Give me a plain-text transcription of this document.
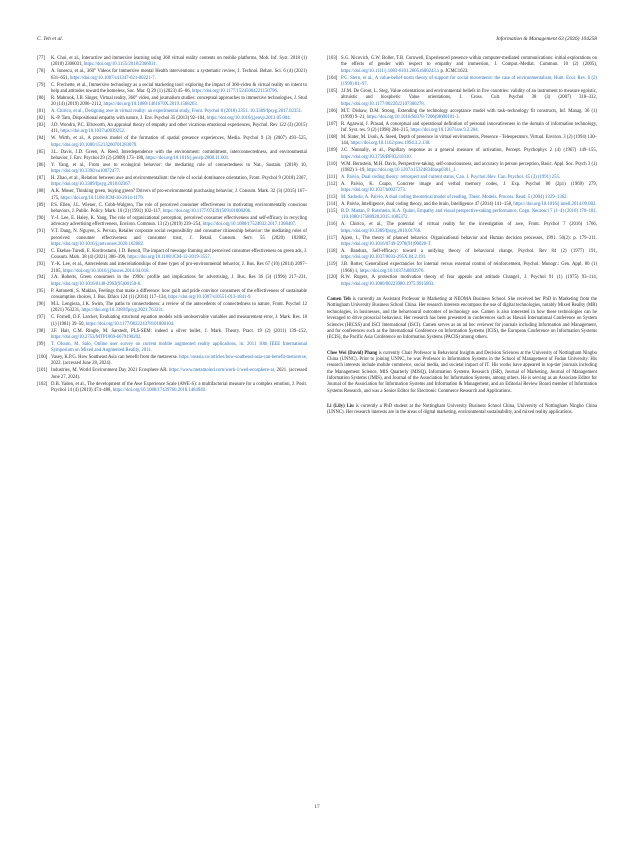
C. Teh et al.	Information & Management 63 (2026) 104258
[77]	K. Choi, et al., Interactive and immersive learning using 360 virtual reality contents on mobile platforms, Mob. Inf. Syst. 2018 (1) (2018) 2306031, https://doi.org/10.1155/2018/2306031.
[78]	A. Ionescu, et al., 360° Videos for immersive mental Health interventions: a systematic review, J. Technol. Behav. Sci. 6 (4) (2021) 631–651, https://doi.org/10.1007/s41347-021-00221-7.
[79]	C. Frechette, et al., Immersive technology as a social marketing tool: exploring the impact of 360-video & virtual reality on intent to help and attitudes toward the homeless, Soc. Mar. Q 29 (1) (2023) 45–66, https://doi.org/10.1177/15245004221150796.
[80]	R. Mabrook, J.B. Singer, Virtual reality, 360° video, and journalism studies: conceptual approaches to immersive technologies, J. Stud 20 (14) (2019) 2096–2112, https://doi.org/10.1080/1461670X.2019.1568203.
[81]	A. Chirico, et al., Designing awe in virtual reality: an experimental study, Front. Psychol 8 (2018) 2351. 10.3389/fpsyg.2017.02351.
[82]	K.-P. Tam, Dispositional empathy with nature, J. Env. Psychol 35 (2013) 92–104, https://doi.org/10.1016/j.jenvp.2013.05.004.
[83]	J.D. Wondra, P.C. Ellsworth, An appraisal theory of empathy and other vicarious emotional experiences, Psychol. Rev 122 (3) (2015) 411, https://doi.org/10.1037/a0039252.
[84]	W. Wirth, et al., A process model of the formation of spatial presence experiences, Media. Psychol 9 (3) (2007) 493–525, https://doi.org/10.1080/15213260701283079.
[85]	J.L. Davis, J.D. Green, A. Reed, Interdependence with the environment: commitment, interconnectedness, and environmental behavior, J. Env. Psychol 29 (2) (2009) 173–180, https://doi.org/10.1016/j.jenvp.2008.11.001.
[86]	Y. Yang, et al., From awe to ecological behavior: the mediating role of connectedness to Nat., Sustain. (2018) 10, https://doi.org/10.3390/su10072477.
[87]	H. Zhao, et al., Relation between awe and environmentalism: the role of social dominance orientation, Front. Psychol 9 (2018) 2367, https://doi.org/10.3389/fpsyg.2018.02367.
[88]	A.K. Moser, Thinking green, buying green? Drivers of pro-environmental purchasing behavior, J. Consum. Mark. 32 (3) (2015) 167–175, https://doi.org/10.1108/JCM-10-2014-1179.
[89]	P.S. Ellen, J.L. Wiener, C. Cobb-Walgren, The role of perceived consumer effectiveness in motivating environmentally conscious behaviors, J. Public. Policy. Mark. 10 (2) (1991) 102–117, https://doi.org/10.1177/074391569101000206.
[90]	Y.-J. Lee, E. Haley, K. Yang, The role of organizational perception, perceived consumer effectiveness and self-efficacy in recycling advocacy advertising effectiveness, Environ. Commun. 13 (2) (2019) 239–254, https://doi.org/10.1080/17524032.2017.1308407.
[91]	V.T. Dang, N. Nguyen, S. Pervan, Retailer corporate social responsibility and consumer citizenship behavior: the mediating roles of perceived consumer effectiveness and consumer trust, J. Retail. Consum. Serv. 55 (2020) 102082, https://doi.org/10.1016/j.jretconser.2020.102082.
[92]	C. Ekebas-Turedi, E. Kordrostami, J.D. Benoit, The impact of message framing and perceived consumer effectiveness on green ads, J. Consum. Mark. 38 (4) (2021) 386–396, https://doi.org/10.1108/JCM-12-2019-3557.
[93]	Y.-K. Lee, et al., Antecedents and interrelationships of three types of pro-environmental behavior, J. Bus. Res 67 (10) (2014) 2097–2105, https://doi.org/10.1016/j.jbusres.2014.04.018.
[94]	J.A. Roberts, Green consumers in the 1990s: profile and implications for advertising, J. Bus. Res 36 (3) (1996) 217–231, https://doi.org/10.1016/0148-2963(95)00150-6.
[95]	P. Antonetti, S. Maklan, Feelings that make a difference: how guilt and pride convince consumers of the effectiveness of sustainable consumption choices, J. Bus. Ethics 124 (1) (2014) 117–134, https://doi.org/10.1007/s10551-013-1841-9.
[96]	M.L. Lengieza, J.K. Swim, The paths to connectedness: a review of the antecedents of connectedness to nature, Front. Psychol 12 (2021) 763231, https://doi.org/10.3389/fpsyg.2021.763231.
[97]	C. Fornell, D.F. Larcker, Evaluating structural equation models with unobservable variables and measurement error, J. Mark. Res. 18 (1) (1981) 39–50, https://doi.org/10.1177/002224378101800104.
[98]	J.F. Hair, C.M. Ringle, M. Sarstedt, PLS-SEM: indeed a silver bullet, J. Mark. Theory. Pract. 19 (2) (2011) 139–152, https://doi.org/10.2753/MTP1069-6679190202.
[99]	T. Olsson, M. Salo, Online user survey on current mobile augmented reality applications, in: 2011 10th IEEE International Symposium on Mixed and Augmented Reality, 2011.
[100] Vasey, K.P.G. How Southeast Asia can benefit from the metaverse. https://seasia.co/articles/how-southeast-asia-can-benefit-metaverse, 2022. (accessed June 28, 2024).
[101] Industries, M. World Environment Day 2021 Ecosphere AR. https://www.metamoind.com/work-1/wed-ecosphere-ar, 2021. (accessed June 27, 2024).
[102] D.B. Yaden, et al., The development of the Awe Experience Scale (AWE-S): a multifactorial measure for a complex emotion, J. Posit. Psychol 14 (4) (2019) 474–488, https://doi.org/10.1080/17439760.2018.1484940.
[103] S.G. Nicovich, G.W. Boller, T.B. Cornwell, Experienced presence within computer-mediated communications: initial explorations on the effects of gender with respect to empathy and immersion, J. Comput.-Mediat. Commun. 10 (2) (2005), https://doi.org/10.1111/j.1083-6101.2005.tb00243.x p. JCMC1023.
[104] P.C. Stern, et al., A value-belief-norm theory of support for social movements: the case of environmentalism, Hum. Ecol. Rev. 6 (2) (1999) 81–97.
[105] J.I.M. De Groot, L. Steg, Value orientations and environmental beliefs in five countries: validity of an instrument to measure egoistic, altruistic and biospheric Value orientations, J. Cross. Cult. Psychol 38 (3) (2007) 318–332, https://doi.org/10.1177/0022022107300278.
[106] M.T. Dishaw, D.M. Strong, Extending the technology acceptance model with task–technology fit constructs, Inf. Manag. 36 (1) (1999) 9–21, https://doi.org/10.1016/S0378-7206(98)00101-3.
[107] R. Agarwal, J. Prasad, A conceptual and operational definition of personal innovativeness in the domain of information technology, Inf. Syst. res. 9 (2) (1998) 204–215, https://doi.org/10.1287/isre.9.2.204.
[108] M. Slater, M. Usoh, A. Steed, Depth of presence in virtual environments, Presence - Teleoperators. Virtual. Environ. 3 (2) (1994) 130–144, https://doi.org/10.1162/pres.1994.3.2.130.
[109] J.C. Nunnally, et al., Pupillary response as a general measure of activation, Percept. Psychophys 2 (4) (1967) 149–155, https://doi.org/10.3758/BF03210310.
[110] W.M. Bernstein, M.H. Davis, Perspective-taking, self-consciousness, and accuracy in person perception, Basic. Appl. Soc. Psych 3 (1) (1982) 1–19, https://doi.org/10.1207/s15324834basp0301_1.
[111] A. Paivio, Dual coding theory: retrospect and current status, Can. J. Psychol./Rev. Can. Psychol. 45 (3) (1991) 255.
[112] A. Paivio, K. Csapo, Concrete image and verbal memory codes, J. Exp. Psychol 80 (2p1) (1969) 279, https://doi.org/10.1037/h0027273.
[113] M. Sadoski, A. Paivio, A dual coding theoretical model of reading, Theor. Models. Process. Read. 5 (2004) 1329–1362.
[114] A. Paivio, Intelligence, dual coding theory, and the brain, Intelligence 47 (2014) 141–158, https://doi.org/10.1016/j.intell.2014.09.002.
[115] B.D. Mattan, P. Rotshtein, K.A. Quinn, Empathy and visual perspective-taking performance, Cogn. Neurosci 7 (1–4) (2016) 170–181, 110.1080/17588928.2015.1085372.
[116] A. Chirico, et al., The potential of virtual reality for the investigation of awe, Front. Psychol 7 (2016) 1766, https://doi.org/10.3389/fpsyg.2016.01766.
[117] Ajzen, I., The theory of planned behavior. Organizational behavior and Human decision processes, 1991. 50(2): p. 179–211. https://doi.org/10.1016/0749-5978(91)90020-T.
[118] A. Bandura, Self-efficacy: toward a unifying theory of behavioral change, Psychol. Rev 84 (2) (1977) 191, https://doi.org/10.1037/0033-295X.84.2.191.
[119] J.B. Rotter, Generalized expectancies for internal versus external control of reinforcement, Psychol. Monogr.: Gen. Appl. 80 (1) (1966) 1, https://doi.org/10.1037/h0092976.
[120] R.W. Rogers, A protection motivation theory of fear appeals and attitude Change1, J. Psychol 91 (1) (1975) 93–114, https://doi.org/10.1080/00223980.1975.9915803.

Camen Teh is currently an Assistant Professor in Marketing at NEOMA Business School. She received her PhD in Marketing from the Nottingham University Business School China. Her research interests encompass the use of digital technologies, notably Mixed Reality (MR) technologies, in businesses, and the behavioural outcomes of technology use. Camen is also interested in how these technologies can be leveraged to drive prosocial behaviour. Her research has been presented in conferences such as Hawaii International Conference on System Sciences (HICSS) and ISCI International (ISCI). Camen serves as an ad hoc reviewer for journals including Information and Management, and for conferences such as the International Conference on Information Systems (ICIS), the European Conference on Information Systems (ECIS), the Pacific Asia Conference on Information Systems (PACIS) among others.

Chee Wei (David) Phang is currently Chair Professor in Behavioral Insights and Decision Sciences at the University of Nottingham Ningbo China (UNNC). Prior to joining UNNC, he was Professor in Information Systems in the School of Management of Fudan University. His research interests include mobile commerce, social media, and societal impact of IT. His works have appeared in top-tier journals including the Management Science, MIS Quarterly (MISQ), Information Systems Research (ISR), Journal of Marketing, Journal of Management Information Systems (JMIS), and Journal of the Association for Information Systems, among others. He is serving as an Associate Editor for Journal of the Association for Information Systems and Information & Management, and an Editorial Review Board member of Information Systems Research, and was a Senior Editor for Electronic Commerce Research and Applications.

Li (Lily) Liu is currently a PhD student at the Nottingham University Business School China, University of Nottingham Ningbo China (UNNC). Her research interests are in the areas of digital marketing, environmental sustainability, and mixed reality applications.

17
